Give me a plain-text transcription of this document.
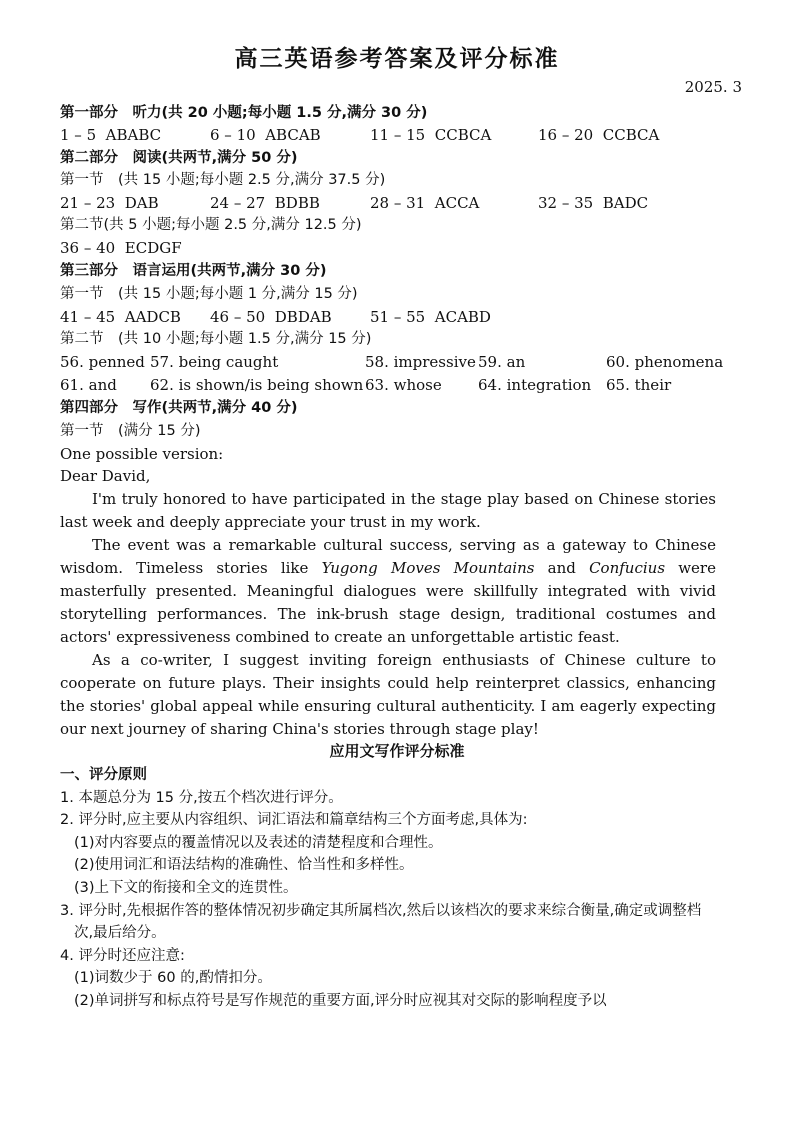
高三英语参考答案及评分标准
2025. 3
第一部分　听力(共 20 小题;每小题 1.5 分,满分 30 分)
1 – 5 ABABC	6 – 10 ABCAB	11 – 15 CCBCA	16 – 20 CCBCA
第二部分　阅读(共两节,满分 50 分)
第一节　(共 15 小题;每小题 2.5 分,满分 37.5 分)
21 – 23 DAB	24 – 27 BDBB	28 – 31 ACCA	32 – 35 BADC
第二节(共 5 小题;每小题 2.5 分,满分 12.5 分)
36 – 40 ECDGF
第三部分　语言运用(共两节,满分 30 分)
第一节　(共 15 小题;每小题 1 分,满分 15 分)
41 – 45 AADCB 46 – 50 DBDAB	51 – 55 ACABD
第二节　(共 10 小题;每小题 1.5 分,满分 15 分)
56. penned 57. being caught	58. impressive 59. an	60. phenomena
61. and 62. is shown/is being shown 63. whose 64. integration 65. their
第四部分　写作(共两节,满分 40 分)
第一节　(满分 15 分)
One possible version:

Dear David,

I'm truly honored to have participated in the stage play based on Chinese stories last week and deeply appreciate your trust in my work.

The event was a remarkable cultural success, serving as a gateway to Chinese wisdom. Timeless stories like Yugong Moves Mountains and Confucius were masterfully presented. Meaningful dialogues were skillfully integrated with vivid storytelling performances. The ink-brush stage design, traditional costumes and actors' expressiveness combined to create an unforgettable artistic feast.

As a co-writer, I suggest inviting foreign enthusiasts of Chinese culture to cooperate on future plays. Their insights could help reinterpret classics, enhancing the stories' global appeal while ensuring cultural authenticity. I am eagerly expecting our next journey of sharing China's stories through stage play!

应用文写作评分标准

一、评分原则

1. 本题总分为 15 分,按五个档次进行评分。

2. 评分时,应主要从内容组织、词汇语法和篇章结构三个方面考虑,具体为:

(1)对内容要点的覆盖情况以及表述的清楚程度和合理性。

(2)使用词汇和语法结构的准确性、恰当性和多样性。

(3)上下文的衔接和全文的连贯性。

3. 评分时,先根据作答的整体情况初步确定其所属档次,然后以该档次的要求来综合衡量,确定或调整档次,最后给分。

4. 评分时还应注意:

(1)词数少于 60 的,酌情扣分。

(2)单词拼写和标点符号是写作规范的重要方面,评分时应视其对交际的影响程度予以
